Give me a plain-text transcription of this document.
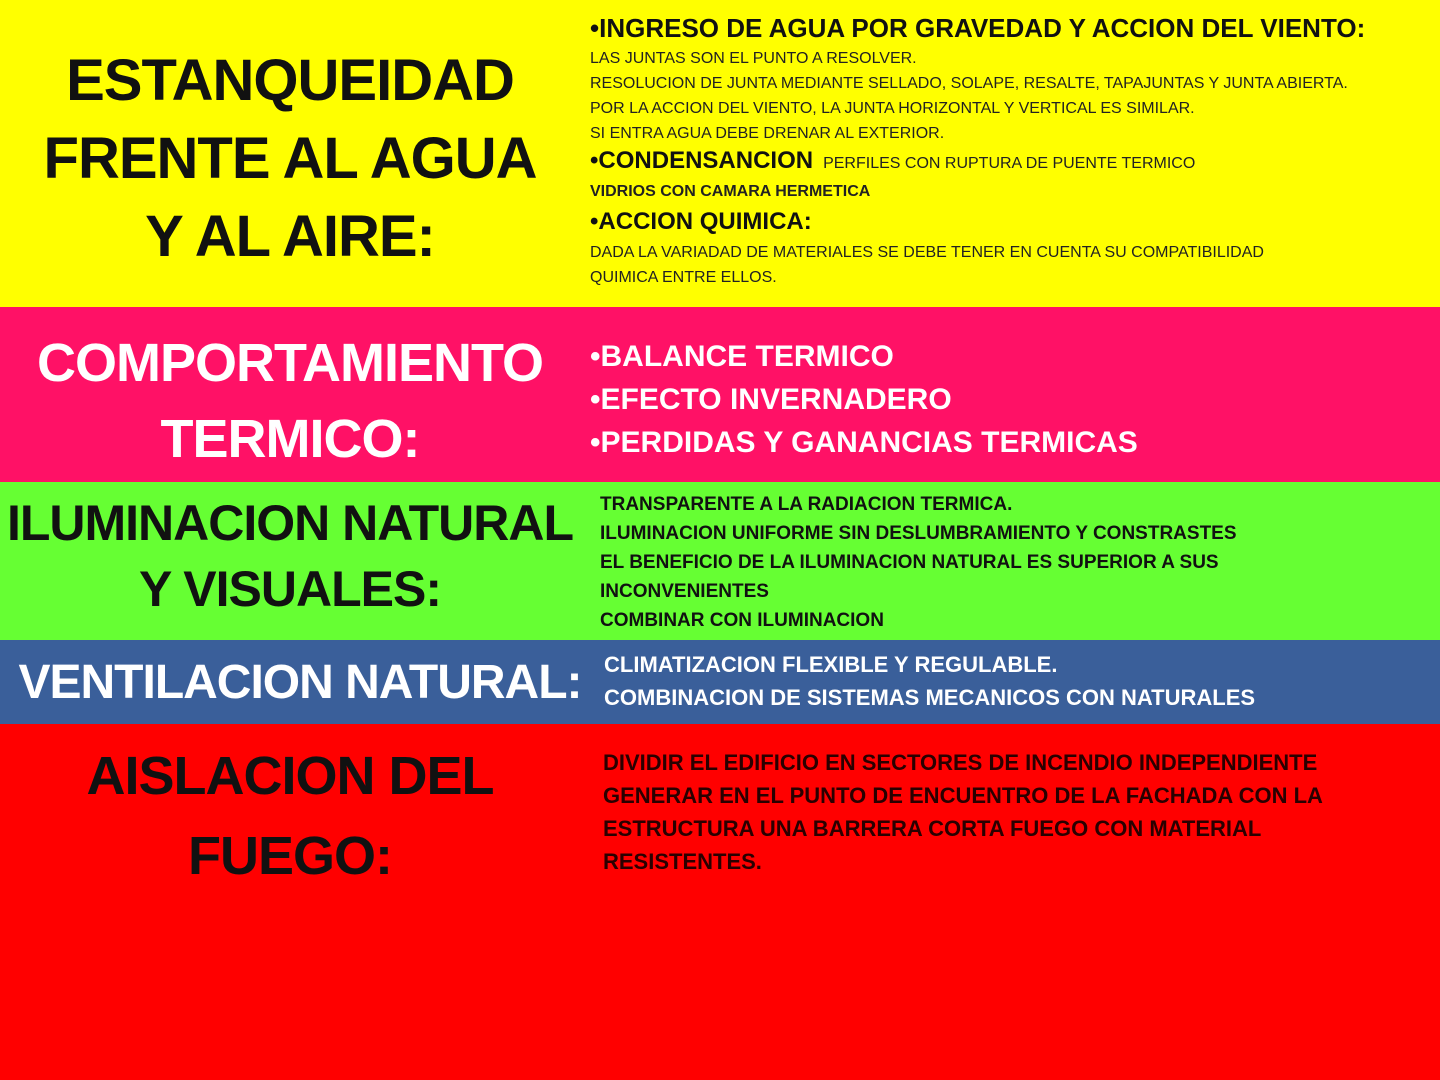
ESTANQUEIDAD
FRENTE AL AGUA
Y AL AIRE:
•INGRESO DE AGUA POR GRAVEDAD Y ACCION DEL VIENTO:
LAS JUNTAS SON EL PUNTO A RESOLVER.
RESOLUCION DE JUNTA MEDIANTE SELLADO, SOLAPE, RESALTE, TAPAJUNTAS Y JUNTA ABIERTA.
POR LA ACCION DEL VIENTO, LA JUNTA HORIZONTAL Y VERTICAL ES SIMILAR.
SI ENTRA AGUA DEBE DRENAR AL EXTERIOR.
•CONDENSANCION PERFILES CON RUPTURA DE PUENTE TERMICO
VIDRIOS CON CAMARA HERMETICA
•ACCION QUIMICA:
DADA LA VARIADAD DE MATERIALES SE DEBE TENER EN CUENTA SU COMPATIBILIDAD
QUIMICA ENTRE ELLOS.
COMPORTAMIENTO
TERMICO:
•BALANCE TERMICO
•EFECTO INVERNADERO
•PERDIDAS Y GANANCIAS TERMICAS
ILUMINACION NATURAL
Y VISUALES:
TRANSPARENTE A LA RADIACION TERMICA.
ILUMINACION UNIFORME SIN DESLUMBRAMIENTO Y CONSTRASTES
EL BENEFICIO DE LA ILUMINACION NATURAL ES SUPERIOR A SUS
INCONVENIENTES
COMBINAR CON ILUMINACION
VENTILACION NATURAL:	CLIMATIZACION FLEXIBLE Y REGULABLE.
COMBINACION DE SISTEMAS MECANICOS CON NATURALES
AISLACION DEL
FUEGO:
DIVIDIR EL EDIFICIO EN SECTORES DE INCENDIO INDEPENDIENTE
GENERAR EN EL PUNTO DE ENCUENTRO DE LA FACHADA CON LA
ESTRUCTURA UNA BARRERA CORTA FUEGO CON MATERIAL
RESISTENTES.
